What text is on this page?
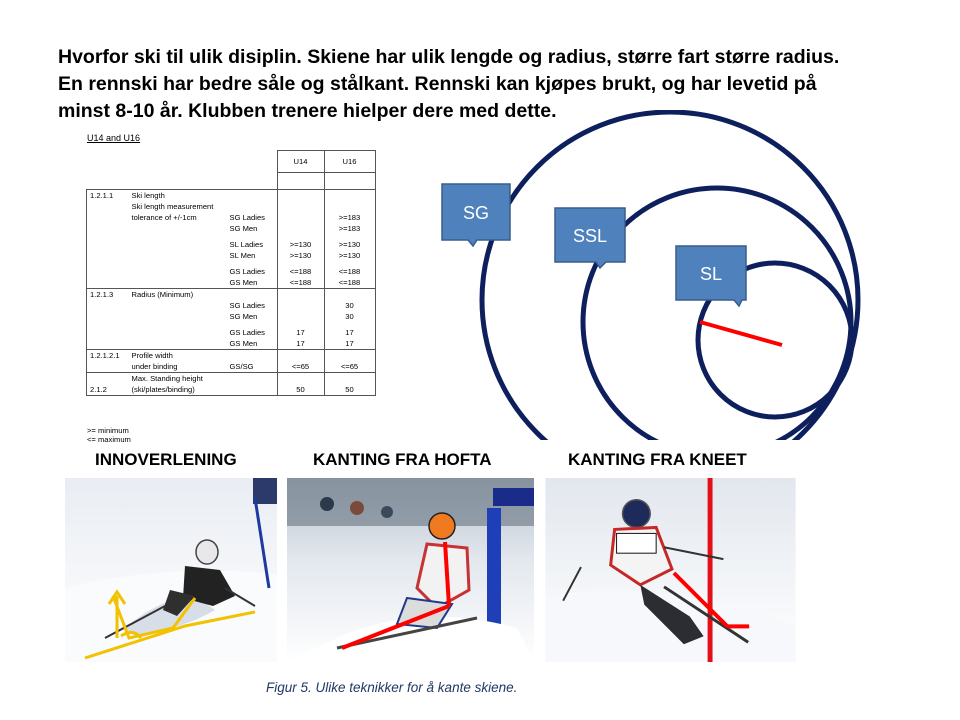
Hvorfor ski til ulik disiplin. Skiene har ulik lengde og radius, større fart større radius.
En rennski har bedre såle og stålkant. Rennski kan kjøpes brukt, og har levetid på
minst 8-10 år. Klubben trenere hielper dere med dette.
U14 and U16
			U14	U16

1.2.1.1	Ski length			
	Ski length measurement			
	tolerance of +/-1cm	SG Ladies		>=183
		SG Men		>=183
		SL Ladies	>=130	>=130
		SL Men	>=130	>=130
		GS Ladies	<=188	<=188
		GS Men	<=188	<=188
1.2.1.3	Radius (Minimum)			
		SG Ladies		30
		SG Men		30
		GS Ladies	17	17
		GS Men	17	17
1.2.1.2.1	Profile width			
	under binding	GS/SG	<=65	<=65
	Max. Standing height			
2.1.2	(ski/plates/binding)		50	50
>= minimum
<= maximum
SG
SSL
SL
INNOVERLENING	KANTING FRA HOFTA	KANTING FRA KNEET
Figur 5. Ulike teknikker for å kante skiene.
